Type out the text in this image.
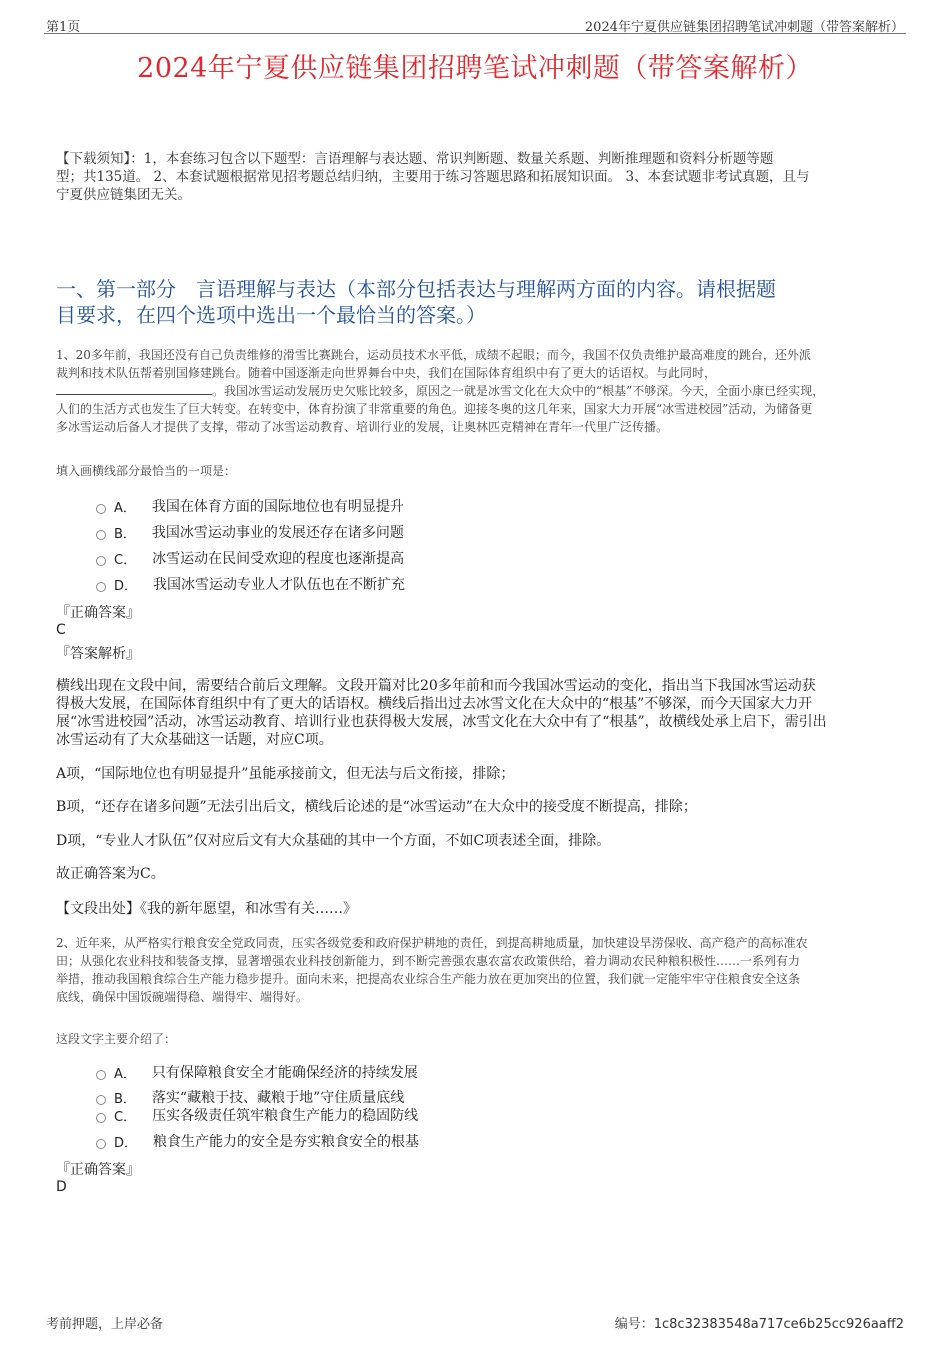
第1页	2024年宁夏供应链集团招聘笔试冲刺题（带答案解析）
2024年宁夏供应链集团招聘笔试冲刺题（带答案解析）
【下载须知】：1，本套练习包含以下题型：言语理解与表达题、常识判断题、数量关系题、判断推理题和资料分析题等题
型；共135道。 2、本套试题根据常见招考题总结归纳，主要用于练习答题思路和拓展知识面。 3、本套试题非考试真题，且与
宁夏供应链集团无关。
一、第一部分　言语理解与表达（本部分包括表达与理解两方面的内容。请根据题
目要求，在四个选项中选出一个最恰当的答案。）
1、20多年前，我国还没有自己负责维修的滑雪比赛跳台，运动员技术水平低，成绩不起眼；而今，我国不仅负责维护最高难度的跳台，还外派
裁判和技术队伍帮着别国修建跳台。随着中国逐渐走向世界舞台中央，我们在国际体育组织中有了更大的话语权。与此同时，
。我国冰雪运动发展历史欠账比较多，原因之一就是冰雪文化在大众中的“根基”不够深。今天，全面小康已经实现，
人们的生活方式也发生了巨大转变。在转变中，体育扮演了非常重要的角色。迎接冬奥的这几年来，国家大力开展“冰雪进校园”活动，为储备更
多冰雪运动后备人才提供了支撑，带动了冰雪运动教育、培训行业的发展，让奥林匹克精神在青年一代里广泛传播。
填入画横线部分最恰当的一项是：
A． 我国在体育方面的国际地位也有明显提升
B． 我国冰雪运动事业的发展还存在诸多问题
C． 冰雪运动在民间受欢迎的程度也逐渐提高
D． 我国冰雪运动专业人才队伍也在不断扩充
『正确答案』
C
『答案解析』
横线出现在文段中间，需要结合前后文理解。文段开篇对比20多年前和而今我国冰雪运动的变化，指出当下我国冰雪运动获
得极大发展，在国际体育组织中有了更大的话语权。横线后指出过去冰雪文化在大众中的“根基”不够深，而今天国家大力开
展“冰雪进校园”活动，冰雪运动教育、培训行业也获得极大发展，冰雪文化在大众中有了“根基”，故横线处承上启下，需引出
冰雪运动有了大众基础这一话题，对应C项。
A项，“国际地位也有明显提升”虽能承接前文，但无法与后文衔接，排除；
B项，“还存在诸多问题”无法引出后文，横线后论述的是“冰雪运动”在大众中的接受度不断提高，排除；
D项，“专业人才队伍”仅对应后文有大众基础的其中一个方面，不如C项表述全面，排除。
故正确答案为C。
【文段出处】《我的新年愿望，和冰雪有关……》
2、近年来，从严格实行粮食安全党政同责，压实各级党委和政府保护耕地的责任，到提高耕地质量，加快建设旱涝保收、高产稳产的高标准农
田；从强化农业科技和装备支撑，显著增强农业科技创新能力，到不断完善强农惠农富农政策供给，着力调动农民种粮积极性……一系列有力
举措，推动我国粮食综合生产能力稳步提升。面向未来，把提高农业综合生产能力放在更加突出的位置，我们就一定能牢牢守住粮食安全这条
底线，确保中国饭碗端得稳、端得牢、端得好。
这段文字主要介绍了：
A． 只有保障粮食安全才能确保经济的持续发展
B． 落实“藏粮于技、藏粮于地”守住质量底线
C． 压实各级责任筑牢粮食生产能力的稳固防线
D． 粮食生产能力的安全是夯实粮食安全的根基
『正确答案』
D
考前押题，上岸必备	编号：1c8c32383548a717ce6b25cc926aaff2
